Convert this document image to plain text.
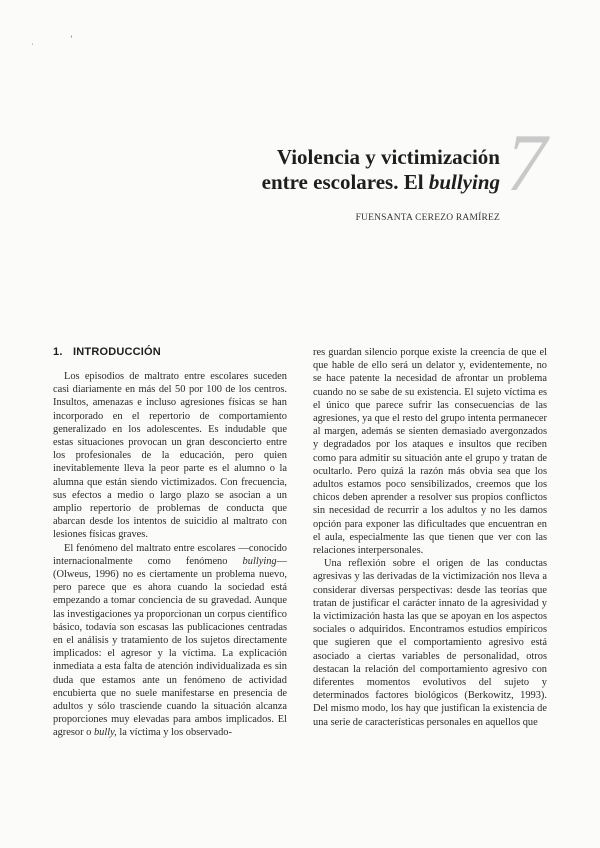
ˌ	ʼ
Violencia y victimización
entre escolares. El bullying
FUENSANTA CEREZO RAMÍREZ
7
1. INTRODUCCIÓN

Los episodios de maltrato entre escolares suceden casi diariamente en más del 50 por 100 de los centros. Insultos, amenazas e incluso agresiones físicas se han incorporado en el repertorio de comportamiento generalizado en los adolescentes. Es indudable que estas situaciones provocan un gran desconcierto entre los profesionales de la educación, pero quien inevitablemente lleva la peor parte es el alumno o la alumna que están siendo victimizados. Con frecuencia, sus efectos a medio o largo plazo se asocian a un amplio repertorio de problemas de conducta que abarcan desde los intentos de suicidio al maltrato con lesiones físicas graves.

El fenómeno del maltrato entre escolares —conocido internacionalmente como fenómeno bullying— (Olweus, 1996) no es ciertamente un problema nuevo, pero parece que es ahora cuando la sociedad está empezando a tomar conciencia de su gravedad. Aunque las investigaciones ya proporcionan un corpus científico básico, todavía son escasas las publicaciones centradas en el análisis y tratamiento de los sujetos directamente implicados: el agresor y la víctima. La explicación inmediata a esta falta de atención individualizada es sin duda que estamos ante un fenómeno de actividad encubierta que no suele manifestarse en presencia de adultos y sólo trasciende cuando la situación alcanza proporciones muy elevadas para ambos implicados. El agresor o bully, la víctima y los observado-

res guardan silencio porque existe la creencia de que el que hable de ello será un delator y, evidentemente, no se hace patente la necesidad de afrontar un problema cuando no se sabe de su existencia. El sujeto víctima es el único que parece sufrir las consecuencias de las agresiones, ya que el resto del grupo intenta permanecer al margen, además se sienten demasiado avergonzados y degradados por los ataques e insultos que reciben como para admitir su situación ante el grupo y tratan de ocultarlo. Pero quizá la razón más obvia sea que los adultos estamos poco sensibilizados, creemos que los chicos deben aprender a resolver sus propios conflictos sin necesidad de recurrir a los adultos y no les damos opción para exponer las dificultades que encuentran en el aula, especialmente las que tienen que ver con las relaciones interpersonales.

Una reflexión sobre el origen de las conductas agresivas y las derivadas de la victimización nos lleva a considerar diversas perspectivas: desde las teorías que tratan de justificar el carácter innato de la agresividad y la victimización hasta las que se apoyan en los aspectos sociales o adquiridos. Encontramos estudios empíricos que sugieren que el comportamiento agresivo está asociado a ciertas variables de personalidad, otros destacan la relación del comportamiento agresivo con diferentes momentos evolutivos del sujeto y determinados factores biológicos (Berkowitz, 1993). Del mismo modo, los hay que justifican la existencia de una serie de características personales en aquellos que
